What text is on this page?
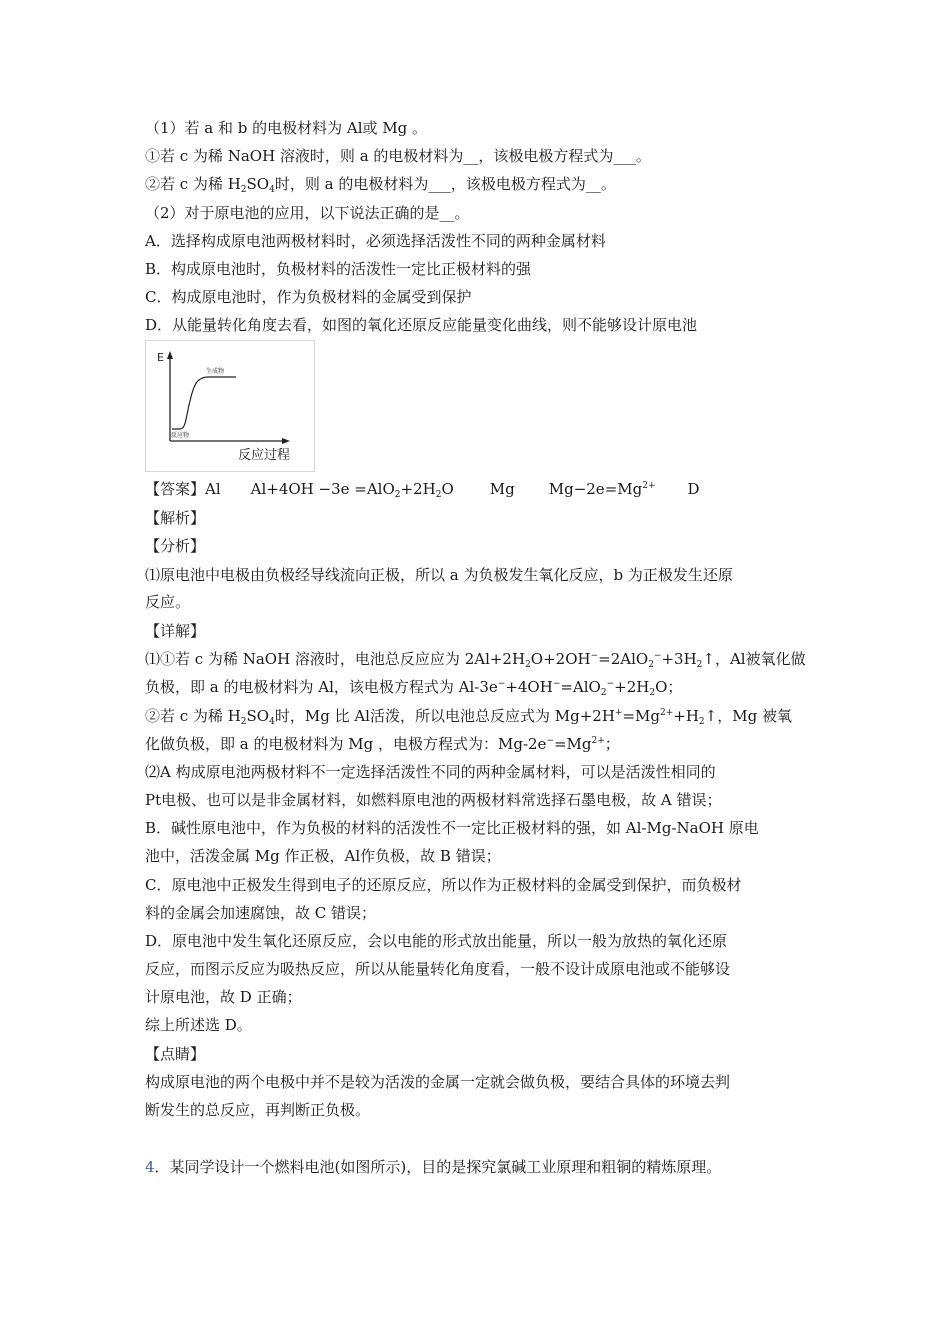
（1）若 a 和 b 的电极材料为 Al或 Mg 。
①若 c 为稀 NaOH 溶液时，则 a 的电极材料为__，该极电极方程式为___。
②若 c 为稀 $H_2SO_4$时，则 a 的电极材料为___，该极电极方程式为__。
（2）对于原电池的应用，以下说法正确的是__。
A．选择构成原电池两极材料时，必须选择活泼性不同的两种金属材料
B．构成原电池时，负极材料的活泼性一定比正极材料的强
C．构成原电池时，作为负极材料的金属受到保护
D．从能量转化角度去看，如图的氧化还原反应能量变化曲线，则不能够设计原电池
E
生成物
反应物
反应过程
【答案】Al $Al+4OH -3e =AlO_2+2H_2O$ Mg $Mg-2e=Mg^{2+}$ D
【解析】
【分析】
⑴原电池中电极由负极经导线流向正极，所以 a 为负极发生氧化反应，b 为正极发生还原
反应。
【详解】
⑴①若 c 为稀 NaOH 溶液时，电池总反应应为 $2Al+2H_2O+2OH^-=2AlO_2^-+3H_2↑$，Al被氧化做
负极，即 a 的电极材料为 Al，该电极方程式为 $Al-3e^-+4OH^-=AlO_2^-+2H_2O$；
②若 c 为稀 $H_2SO_4$时，Mg 比 Al活泼，所以电池总反应式为 $Mg+2H^+=Mg^{2+}+H_2↑$，Mg 被氧
化做负极，即 a 的电极材料为 Mg ，电极方程式为：$Mg-2e^-=Mg^{2+}$；
⑵A 构成原电池两极材料不一定选择活泼性不同的两种金属材料，可以是活泼性相同的
Pt电极、也可以是非金属材料，如燃料原电池的两极材料常选择石墨电极，故 A 错误；
B．碱性原电池中，作为负极的材料的活泼性不一定比正极材料的强，如 Al-Mg-NaOH 原电
池中，活泼金属 Mg 作正极，Al作负极，故 B 错误；
C．原电池中正极发生得到电子的还原反应，所以作为正极材料的金属受到保护，而负极材
料的金属会加速腐蚀，故 C 错误；
D．原电池中发生氧化还原反应，会以电能的形式放出能量，所以一般为放热的氧化还原
反应，而图示反应为吸热反应，所以从能量转化角度看，一般不设计成原电池或不能够设
计原电池，故 D 正确；
综上所述选 D。
【点睛】
构成原电池的两个电极中并不是较为活泼的金属一定就会做负极，要结合具体的环境去判
断发生的总反应，再判断正负极。
4．某同学设计一个燃料电池(如图所示)，目的是探究氯碱工业原理和粗铜的精炼原理。
